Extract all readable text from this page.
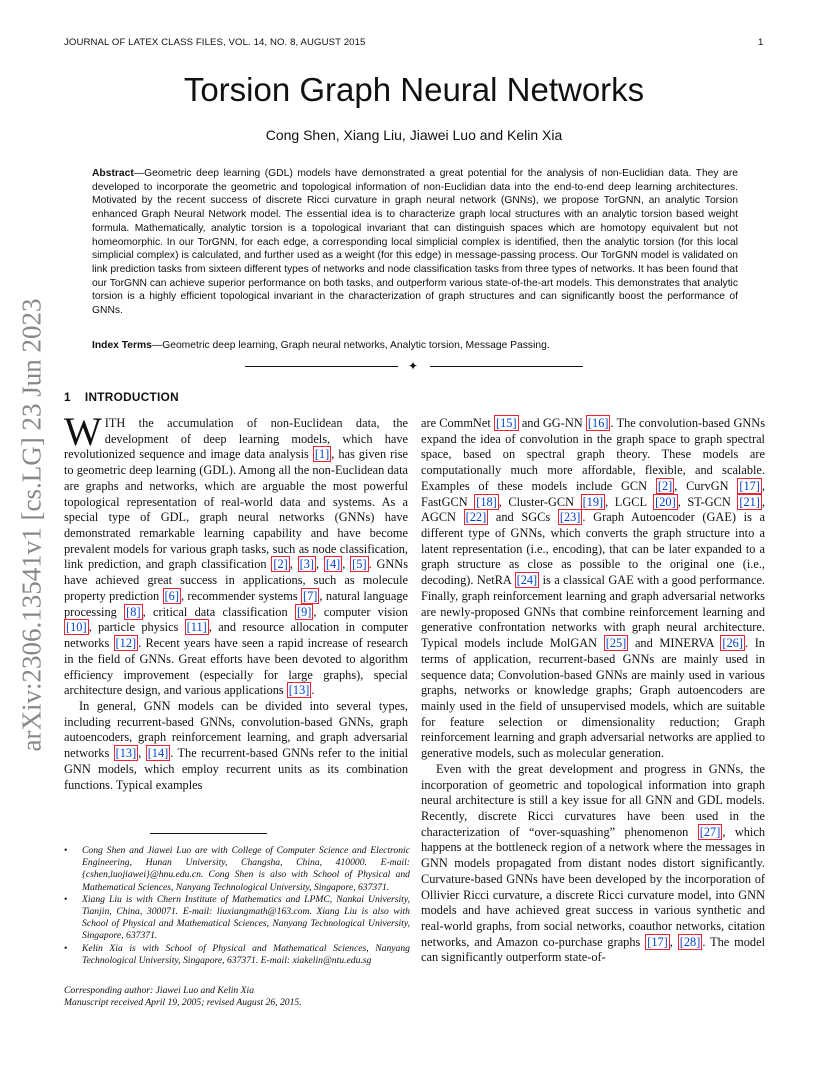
JOURNAL OF LATEX CLASS FILES, VOL. 14, NO. 8, AUGUST 2015	1
arXiv:2306.13541v1 [cs.LG] 23 Jun 2023
Torsion Graph Neural Networks
Cong Shen, Xiang Liu, Jiawei Luo and Kelin Xia
Abstract—Geometric deep learning (GDL) models have demonstrated a great potential for the analysis of non-Euclidian data. They are developed to incorporate the geometric and topological information of non-Euclidian data into the end-to-end deep learning architectures. Motivated by the recent success of discrete Ricci curvature in graph neural network (GNNs), we propose TorGNN, an analytic Torsion enhanced Graph Neural Network model. The essential idea is to characterize graph local structures with an analytic torsion based weight formula. Mathematically, analytic torsion is a topological invariant that can distinguish spaces which are homotopy equivalent but not homeomorphic. In our TorGNN, for each edge, a corresponding local simplicial complex is identified, then the analytic torsion (for this local simplicial complex) is calculated, and further used as a weight (for this edge) in message-passing process. Our TorGNN model is validated on link prediction tasks from sixteen different types of networks and node classification tasks from three types of networks. It has been found that our TorGNN can achieve superior performance on both tasks, and outperform various state-of-the-art models. This demonstrates that analytic torsion is a highly efficient topological invariant in the characterization of graph structures and can significantly boost the performance of GNNs.
Index Terms—Geometric deep learning, Graph neural networks, Analytic torsion, Message Passing.
✦
1 INTRODUCTION

WITH the accumulation of non-Euclidean data, the development of deep learning models, which have revolutionized sequence and image data analysis [1] , has given rise to geometric deep learning (GDL). Among all the non-Euclidean data are graphs and networks, which are arguable the most powerful topological representation of real-world data and systems. As a special type of GDL, graph neural networks (GNNs) have demonstrated remarkable learning capability and have become prevalent models for various graph tasks, such as node classification, link prediction, and graph classification [2] , [3] , [4] , [5] . GNNs have achieved great success in applications, such as molecule property prediction [6] , recommender systems [7] , natural language processing [8] , critical data classification [9] , computer vision [10] , particle physics [11] , and resource allocation in computer networks [12] . Recent years have seen a rapid increase of research in the field of GNNs. Great efforts have been devoted to algorithm efficiency improvement (especially for large graphs), special architecture design, and various applications [13] .

In general, GNN models can be divided into several types, including recurrent-based GNNs, convolution-based GNNs, graph autoencoders, graph reinforcement learning, and graph adversarial networks [13] , [14] . The recurrent-based GNNs refer to the initial GNN models, which employ recurrent units as its combination functions. Typical examples

are CommNet [15] and GG-NN [16] . The convolution-based GNNs expand the idea of convolution in the graph space to graph spectral space, based on spectral graph theory. These models are computationally much more affordable, flexible, and scalable. Examples of these models include GCN [2] , CurvGN [17] , FastGCN [18] , Cluster-GCN [19] , LGCL [20] , ST-GCN [21] , AGCN [22] and SGCs [23] . Graph Autoencoder (GAE) is a different type of GNNs, which converts the graph structure into a latent representation (i.e., encoding), that can be later expanded to a graph structure as close as possible to the original one (i.e., decoding). NetRA [24] is a classical GAE with a good performance. Finally, graph reinforcement learning and graph adversarial networks are newly-proposed GNNs that combine reinforcement learning and generative confrontation networks with graph neural architecture. Typical models include MolGAN [25] and MINERVA [26] . In terms of application, recurrent-based GNNs are mainly used in sequence data; Convolution-based GNNs are mainly used in various graphs, networks or knowledge graphs; Graph autoencoders are mainly used in the field of unsupervised models, which are suitable for feature selection or dimensionality reduction; Graph reinforcement learning and graph adversarial networks are applied to generative models, such as molecular generation.

Even with the great development and progress in GNNs, the incorporation of geometric and topological information into graph neural architecture is still a key issue for all GNN and GDL models. Recently, discrete Ricci curvatures have been used in the characterization of “over-squashing” phenomenon [27] , which happens at the bottleneck region of a network where the messages in GNN models propagated from distant nodes distort significantly. Curvature-based GNNs have been developed by the incorporation of Ollivier Ricci curvature, a discrete Ricci curvature model, into GNN models and have achieved great success in various synthetic and real-world graphs, from social networks, coauthor networks, citation networks, and Amazon co-purchase graphs [17] , [28] . The model can significantly outperform state-of-

• Cong Shen and Jiawei Luo are with College of Computer Science and Electronic Engineering, Hunan University, Changsha, China, 410000. E-mail: {cshen,luojiawei}@hnu.edu.cn. Cong Shen is also with School of Physical and Mathematical Sciences, Nanyang Technological University, Singapore, 637371.

• Xiang Liu is with Chern Institute of Mathematics and LPMC, Nankai University, Tianjin, China, 300071. E-mail: liuxiangmath@163.com. Xiang Liu is also with School of Physical and Mathematical Sciences, Nanyang Technological University, Singapore, 637371.

• Kelin Xia is with School of Physical and Mathematical Sciences, Nanyang Technological University, Singapore, 637371. E-mail: xiakelin@ntu.edu.sg

Corresponding author: Jiawei Luo and Kelin Xia

Manuscript received April 19, 2005; revised August 26, 2015.
